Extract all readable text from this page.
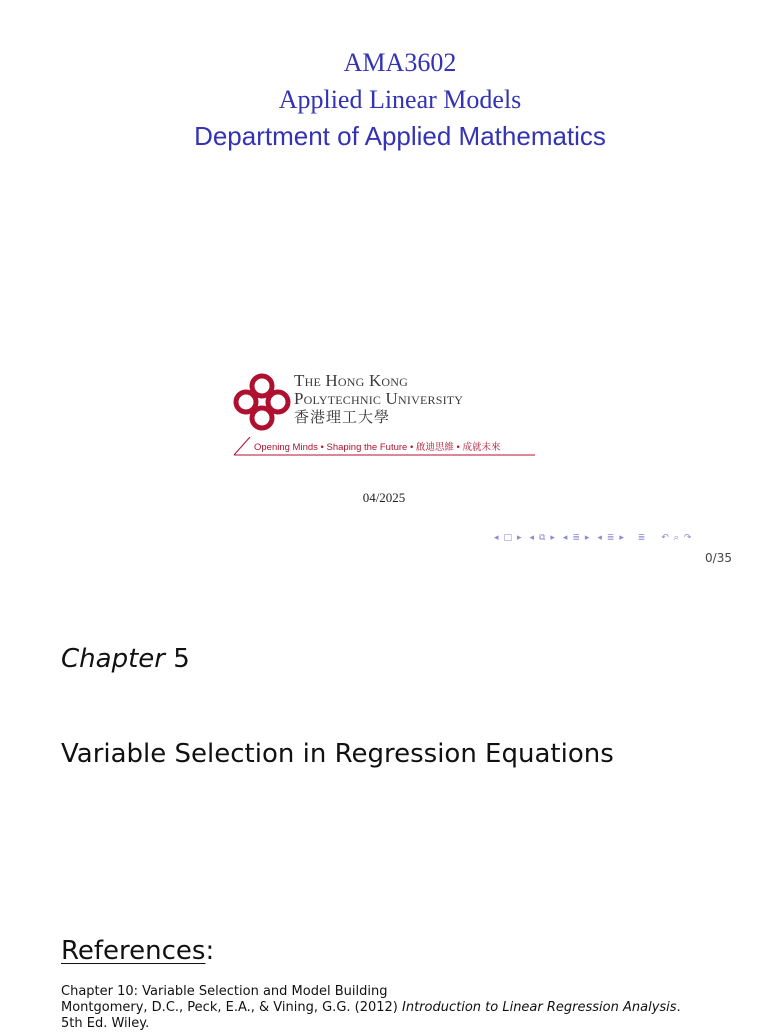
AMA3602
Applied Linear Models
Department of Applied Mathematics
The Hong Kong
Polytechnic University
香港理工大學
Opening Minds • Shaping the Future • 啟迪思維 • 成就未來
04/2025
◂ □ ▸ ◂ ⧉ ▸ ◂ ≣ ▸ ◂ ≣ ▸ ≣ ↶ ⌕ ↷
0/35
Chapter 5
Variable Selection in Regression Equations
References:
Chapter 10: Variable Selection and Model Building
Montgomery, D.C., Peck, E.A., & Vining, G.G. (2012) Introduction to Linear Regression Analysis.
5th Ed. Wiley.
